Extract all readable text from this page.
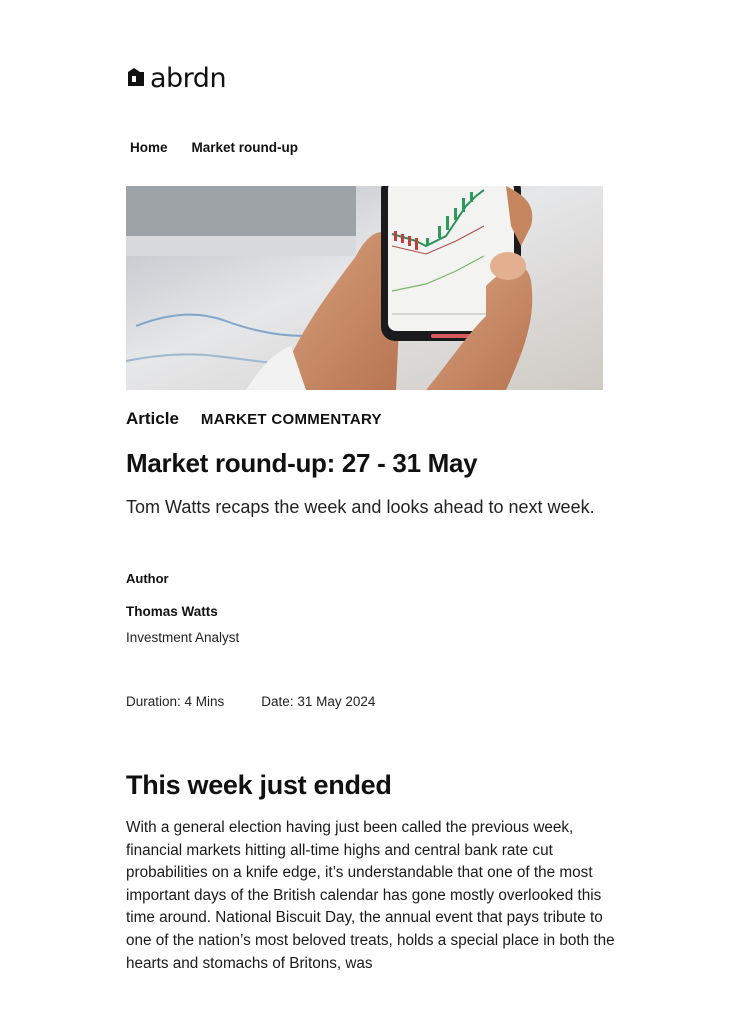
abrdn
Home Market round-up
Article MARKET COMMENTARY
Market round-up: 27 - 31 May

Tom Watts recaps the week and looks ahead to next week.

Author
Thomas Watts
Investment Analyst
Duration: 4 Mins	Date: 31 May 2024
This week just ended

With a general election having just been called the previous week, financial markets hitting all-time highs and central bank rate cut probabilities on a knife edge, it’s understandable that one of the most important days of the British calendar has gone mostly overlooked this time around. National Biscuit Day, the annual event that pays tribute to one of the nation’s most beloved treats, holds a special place in both the hearts and stomachs of Britons, was
